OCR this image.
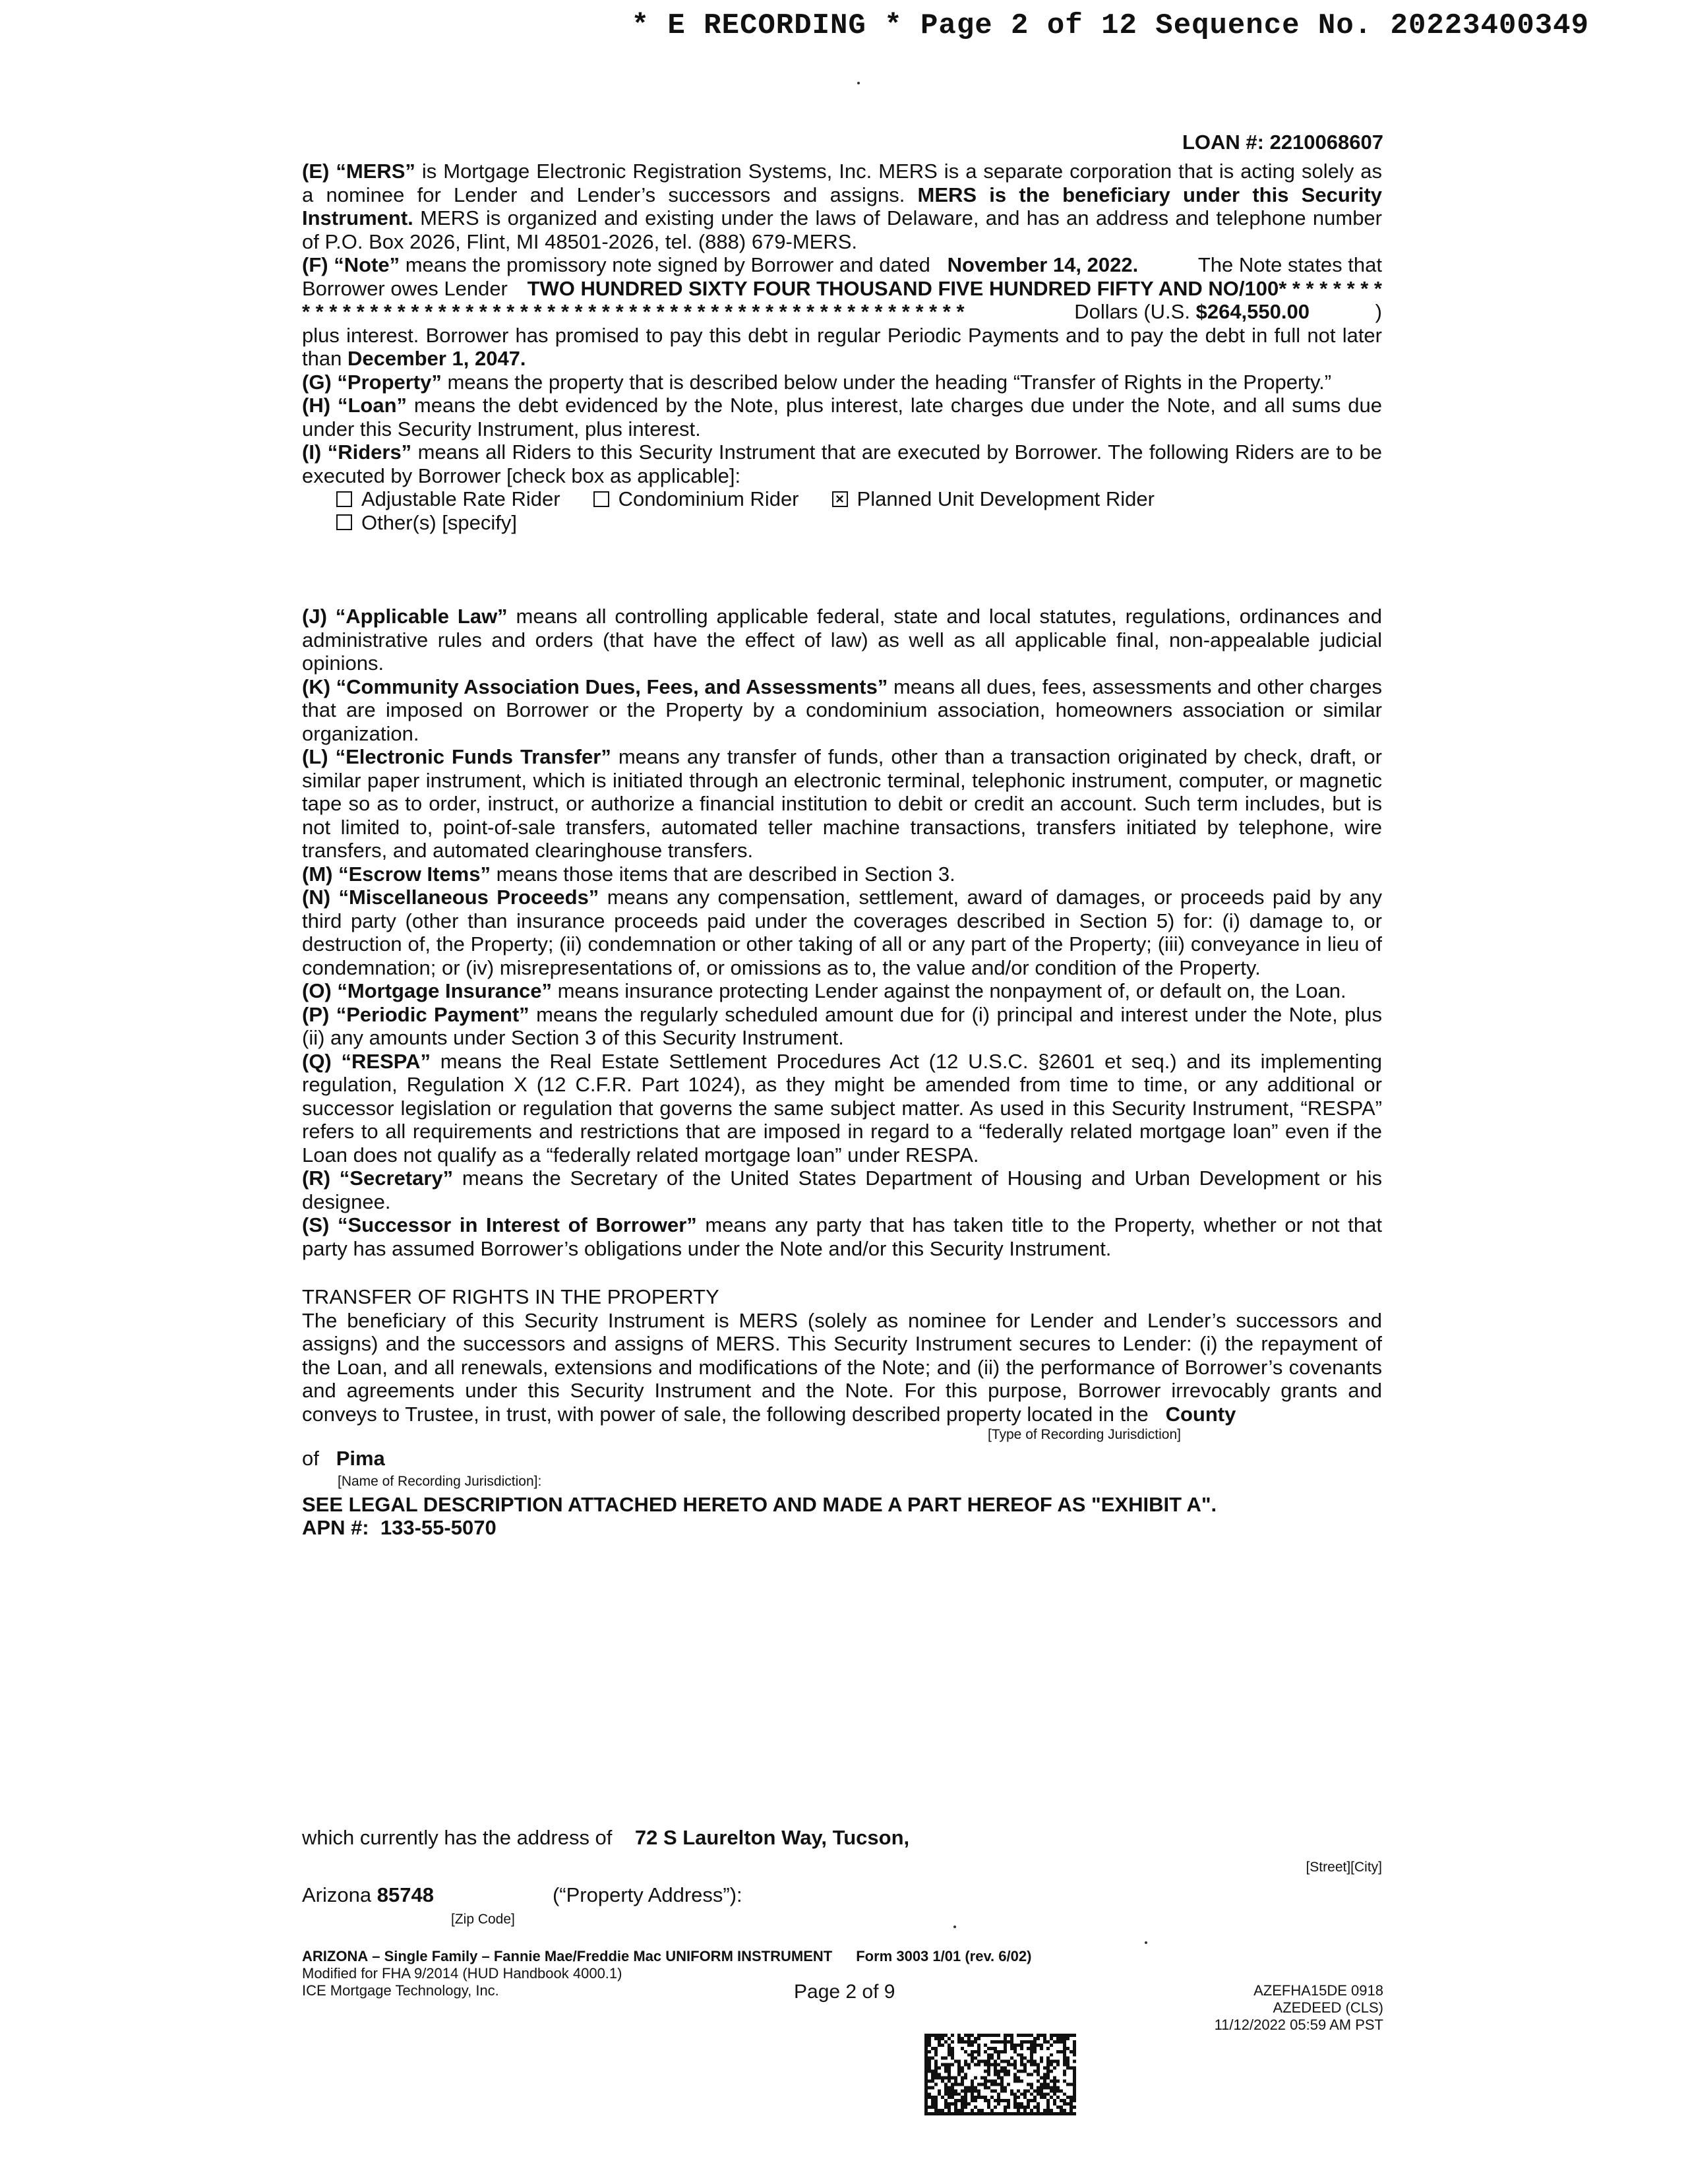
* E RECORDING * Page 2 of 12 Sequence No. 20223400349
LOAN #: 2210068607

(E) “MERS” is Mortgage Electronic Registration Systems, Inc. MERS is a separate corporation that is acting solely as a nominee for Lender and Lender’s successors and assigns. MERS is the beneficiary under this Security Instrument. MERS is organized and existing under the laws of Delaware, and has an address and telephone number of P.O. Box 2026, Flint, MI 48501-2026, tel. (888) 679-MERS.

(F) “Note” means the promissory note signed by Borrower and dated November 14, 2022.	The Note states that
Borrower owes Lender TWO HUNDRED SIXTY FOUR THOUSAND FIVE HUNDRED FIFTY AND NO/100* * * * * * * *
* * * * * * * * * * * * * * * * * * * * * * * * * * * * * * * * * * * * * * * * * * * * * * * * *	Dollars (U.S. $264,550.00	)
plus interest. Borrower has promised to pay this debt in regular Periodic Payments and to pay the debt in full not later than December 1, 2047.

(G) “Property” means the property that is described below under the heading “Transfer of Rights in the Property.”

(H) “Loan” means the debt evidenced by the Note, plus interest, late charges due under the Note, and all sums due under this Security Instrument, plus interest.

(I) “Riders” means all Riders to this Security Instrument that are executed by Borrower. The following Riders are to be executed by Borrower [check box as applicable]:

Adjustable Rate Rider	Condominium Rider	× Planned Unit Development Rider
Other(s) [specify]

(J) “Applicable Law” means all controlling applicable federal, state and local statutes, regulations, ordinances and administrative rules and orders (that have the effect of law) as well as all applicable final, non-appealable judicial opinions.

(K) “Community Association Dues, Fees, and Assessments” means all dues, fees, assessments and other charges that are imposed on Borrower or the Property by a condominium association, homeowners association or similar organization.

(L) “Electronic Funds Transfer” means any transfer of funds, other than a transaction originated by check, draft, or similar paper instrument, which is initiated through an electronic terminal, telephonic instrument, computer, or magnetic tape so as to order, instruct, or authorize a financial institution to debit or credit an account. Such term includes, but is not limited to, point-of-sale transfers, automated teller machine transactions, transfers initiated by telephone, wire transfers, and automated clearinghouse transfers.

(M) “Escrow Items” means those items that are described in Section 3.

(N) “Miscellaneous Proceeds” means any compensation, settlement, award of damages, or proceeds paid by any third party (other than insurance proceeds paid under the coverages described in Section 5) for: (i) damage to, or destruction of, the Property; (ii) condemnation or other taking of all or any part of the Property; (iii) conveyance in lieu of condemnation; or (iv) misrepresentations of, or omissions as to, the value and/or condition of the Property.

(O) “Mortgage Insurance” means insurance protecting Lender against the nonpayment of, or default on, the Loan.

(P) “Periodic Payment” means the regularly scheduled amount due for (i) principal and interest under the Note, plus (ii) any amounts under Section 3 of this Security Instrument.

(Q) “RESPA” means the Real Estate Settlement Procedures Act (12 U.S.C. §2601 et seq.) and its implementing regulation, Regulation X (12 C.F.R. Part 1024), as they might be amended from time to time, or any additional or successor legislation or regulation that governs the same subject matter. As used in this Security Instrument, “RESPA” refers to all requirements and restrictions that are imposed in regard to a “federally related mortgage loan” even if the Loan does not qualify as a “federally related mortgage loan” under RESPA.

(R) “Secretary” means the Secretary of the United States Department of Housing and Urban Development or his designee.

(S) “Successor in Interest of Borrower” means any party that has taken title to the Property, whether or not that party has assumed Borrower’s obligations under the Note and/or this Security Instrument.

TRANSFER OF RIGHTS IN THE PROPERTY

The beneficiary of this Security Instrument is MERS (solely as nominee for Lender and Lender’s successors and assigns) and the successors and assigns of MERS. This Security Instrument secures to Lender: (i) the repayment of the Loan, and all renewals, extensions and modifications of the Note; and (ii) the performance of Borrower’s covenants and agreements under this Security Instrument and the Note. For this purpose, Borrower irrevocably grants and conveys to Trustee, in trust, with power of sale, the following described property located in the County

[Type of Recording Jurisdiction]
of Pima
[Name of Recording Jurisdiction]:
SEE LEGAL DESCRIPTION ATTACHED HERETO AND MADE A PART HEREOF AS "EXHIBIT A".
APN #: 133-55-5070
which currently has the address of 72 S Laurelton Way, Tucson,
[Street][City]
Arizona 85748	(“Property Address”):
[Zip Code]
ARIZONA – Single Family – Fannie Mae/Freddie Mac UNIFORM INSTRUMENT Form 3003 1/01 (rev. 6/02)
Modified for FHA 9/2014 (HUD Handbook 4000.1)
ICE Mortgage Technology, Inc.	Page 2 of 9	AZEFHA15DE 0918
AZEDEED (CLS)
11/12/2022 05:59 AM PST
